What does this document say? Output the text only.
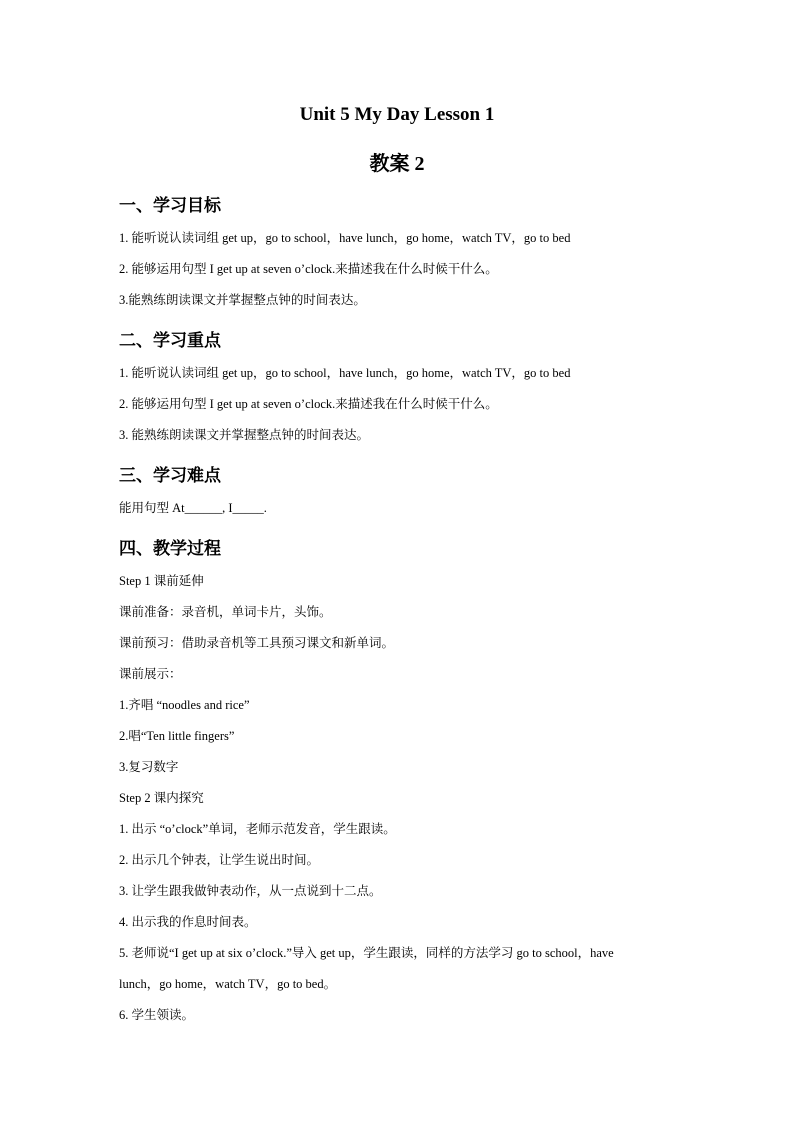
Unit 5 My Day Lesson 1
教案 2
一、学习目标
1. 能听说认读词组 get up，go to school，have lunch，go home，watch TV，go to bed
2. 能够运用句型 I get up at seven o’clock.来描述我在什么时候干什么。
3.能熟练朗读课文并掌握整点钟的时间表达。
二、学习重点
1. 能听说认读词组 get up，go to school，have lunch，go home，watch TV，go to bed
2. 能够运用句型 I get up at seven o’clock.来描述我在什么时候干什么。
3. 能熟练朗读课文并掌握整点钟的时间表达。
三、学习难点
能用句型 At______, I_____.
四、教学过程
Step 1 课前延伸
课前准备：录音机，单词卡片，头饰。
课前预习：借助录音机等工具预习课文和新单词。
课前展示：
1.齐唱 “noodles and rice”
2.唱“Ten little fingers”
3.复习数字
Step 2 课内探究
1. 出示 “o’clock”单词，老师示范发音，学生跟读。
2. 出示几个钟表，让学生说出时间。
3. 让学生跟我做钟表动作，从一点说到十二点。
4. 出示我的作息时间表。
5. 老师说“I get up at six o’clock.”导入 get up，学生跟读，同样的方法学习 go to school，have
lunch，go home，watch TV，go to bed。
6. 学生领读。
